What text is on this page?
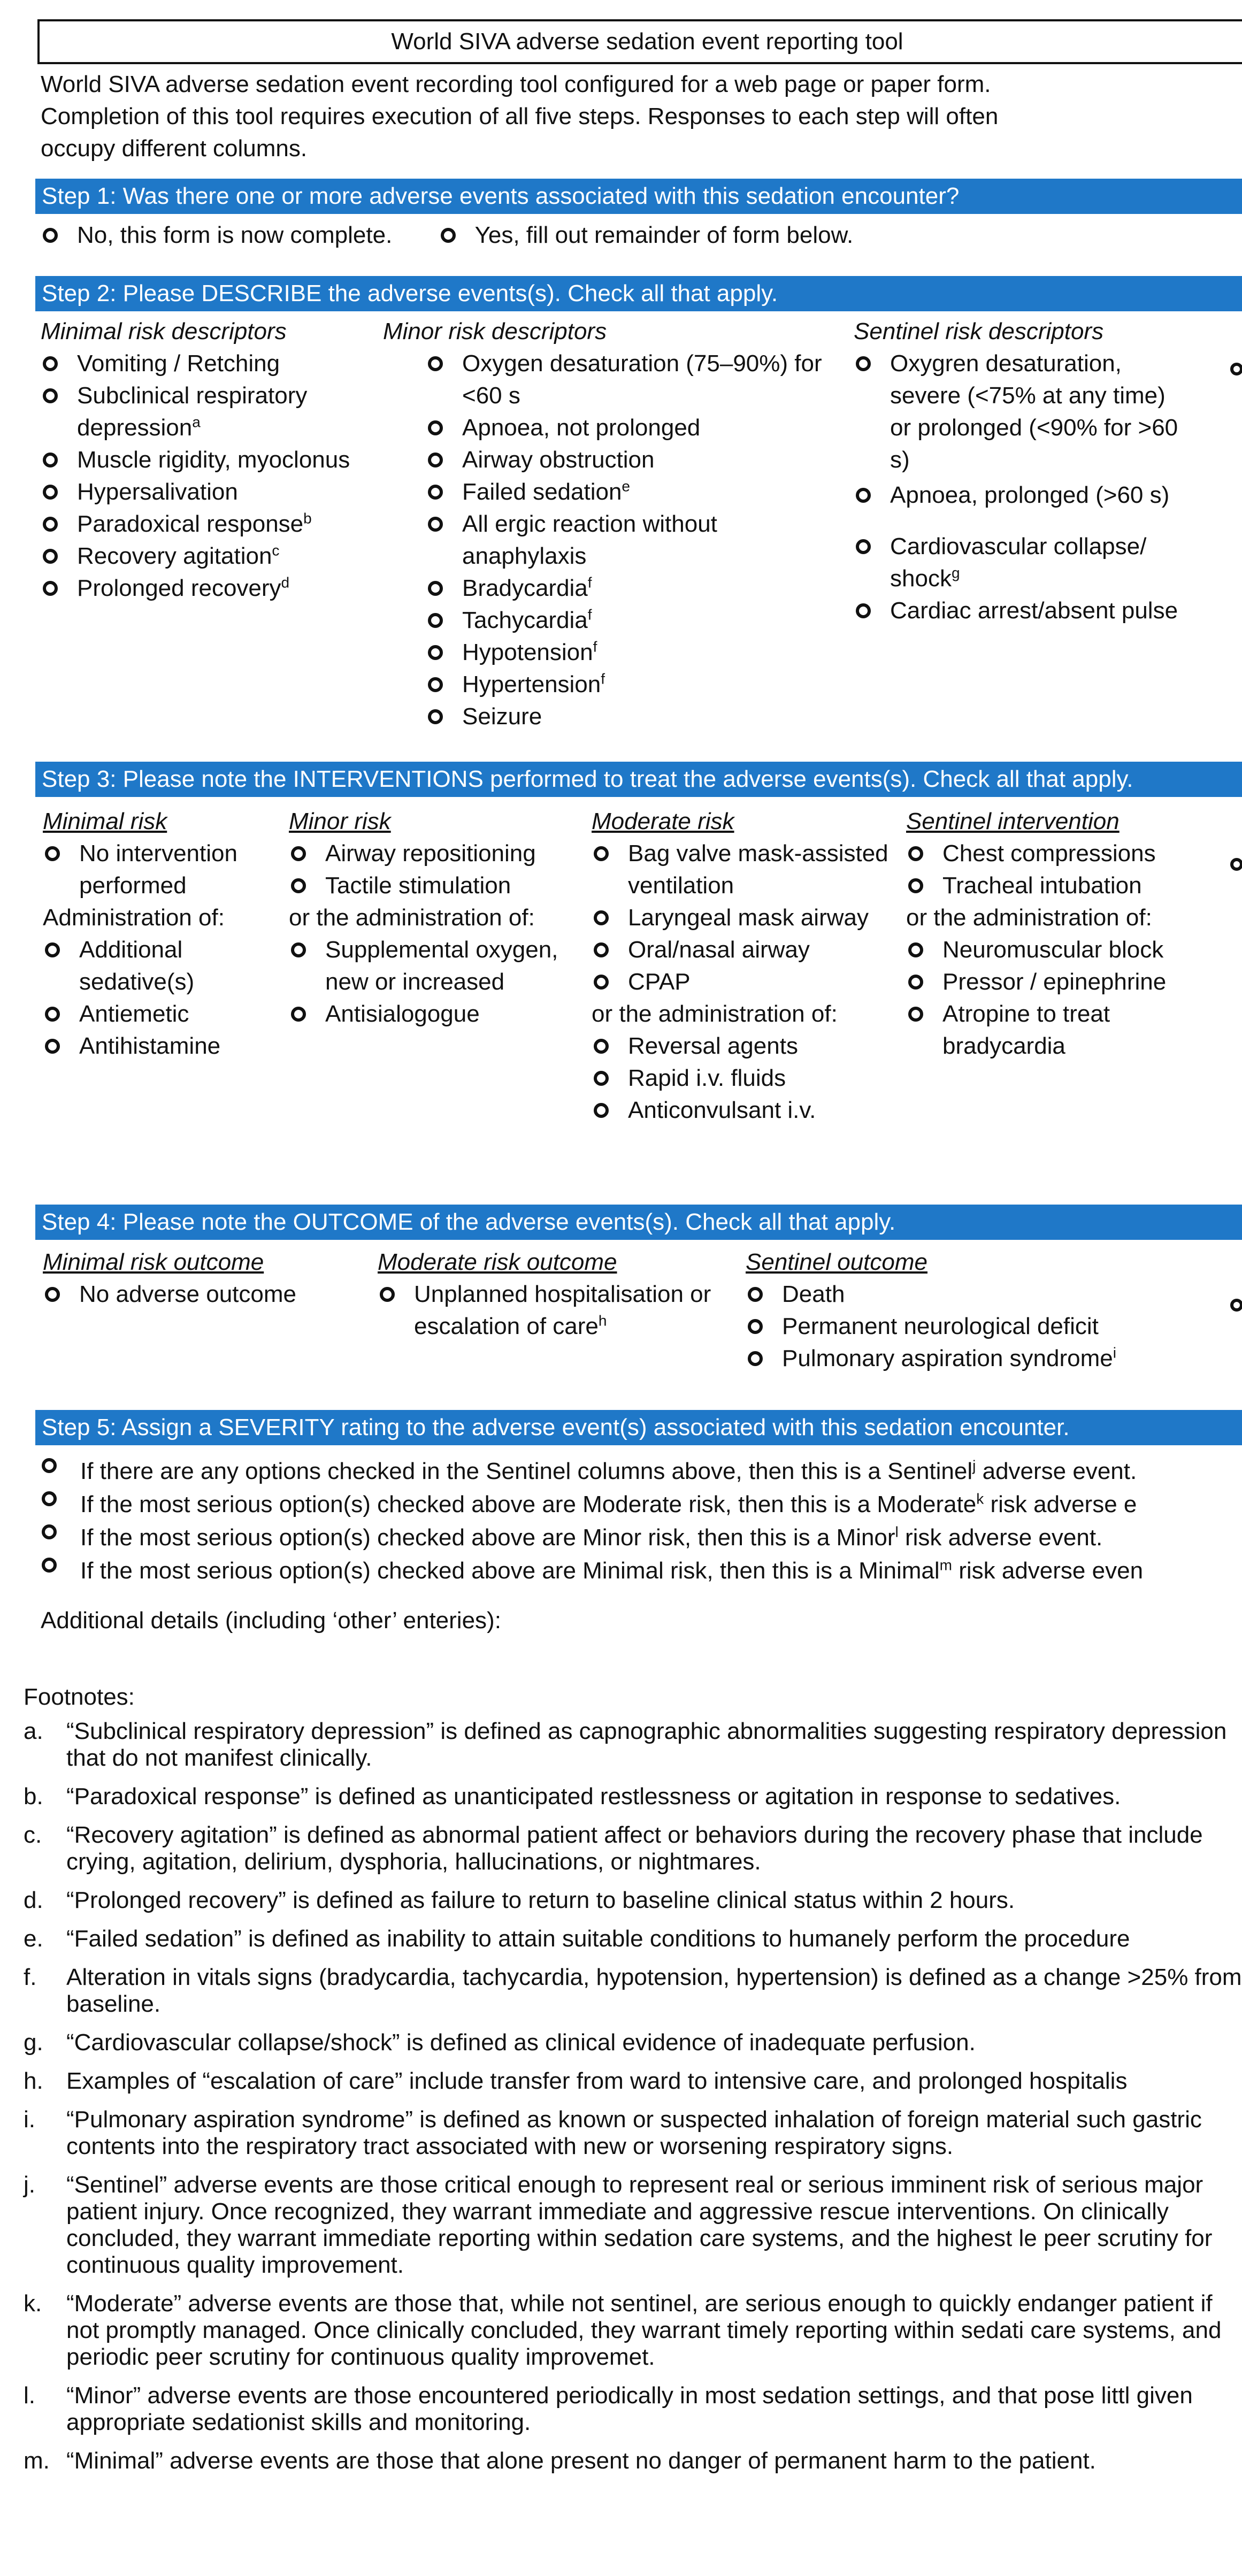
World SIVA adverse sedation event reporting tool
World SIVA adverse sedation event recording tool configured for a web page or paper form.
Completion of this tool requires execution of all five steps. Responses to each step will often
occupy different columns.
Step 1: Was there one or more adverse events associated with this sedation encounter?
No, this form is now complete.	Yes, fill out remainder of form below.
Step 2: Please DESCRIBE the adverse events(s). Check all that apply.
Minimal risk descriptors
Vomiting / Retching
Subclinical respiratory depression$^a$
Muscle rigidity, myoclonus
Hypersalivation
Paradoxical response$^b$
Recovery agitation$^c$
Prolonged recovery$^d$
Minor risk descriptors
Oxygen desaturation (75–90%) for <60 s
Apnoea, not prolonged
Airway obstruction
Failed sedation$^e$
All ergic reaction without anaphylaxis
Bradycardia$^f$
Tachycardia$^f$
Hypotension$^f$
Hypertension$^f$
Seizure
Sentinel risk descriptors
Oxygren desaturation, severe (<75% at any time) or prolonged (<90% for >60 s)
Apnoea, prolonged (>60 s)
Cardiovascular collapse/ shock$^g$
Cardiac arrest/absent pulse
Step 3: Please note the INTERVENTIONS performed to treat the adverse events(s). Check all that apply.
Minimal risk
No intervention performed
Administration of:
Additional sedative(s)
Antiemetic
Antihistamine
Minor risk
Airway repositioning
Tactile stimulation
or the administration of:
Supplemental oxygen, new or increased
Antisialogogue
Moderate risk
Bag valve mask-assisted ventilation
Laryngeal mask airway
Oral/nasal airway
CPAP
or the administration of:
Reversal agents
Rapid i.v. fluids
Anticonvulsant i.v.
Sentinel intervention
Chest compressions
Tracheal intubation
or the administration of:
Neuromuscular block
Pressor / epinephrine
Atropine to treat bradycardia
Step 4: Please note the OUTCOME of the adverse events(s). Check all that apply.
Minimal risk outcome
No adverse outcome
Moderate risk outcome
Unplanned hospitalisation or escalation of care$^h$
Sentinel outcome
Death
Permanent neurological deficit
Pulmonary aspiration syndrome$^i$
Step 5: Assign a SEVERITY rating to the adverse event(s) associated with this sedation encounter.
If there are any options checked in the Sentinel columns above, then this is a Sentinel$^j$ adverse event.
If the most serious option(s) checked above are Moderate risk, then this is a Moderate$^k$ risk adverse e
If the most serious option(s) checked above are Minor risk, then this is a Minor$^l$ risk adverse event.
If the most serious option(s) checked above are Minimal risk, then this is a Minimal$^m$ risk adverse even
Additional details (including ‘other’ enteries):
Footnotes:
a. “Subclinical respiratory depression” is defined as capnographic abnormalities suggesting respiratory depression that do not manifest clinically.
b. “Paradoxical response” is defined as unanticipated restlessness or agitation in response to sedatives.
c.	“Recovery agitation” is defined as abnormal patient affect or behaviors during the recovery phase that include crying, agitation, delirium, dysphoria, hallucinations, or nightmares.
d. “Prolonged recovery” is defined as failure to return to baseline clinical status within 2 hours.
e. “Failed sedation” is defined as inability to attain suitable conditions to humanely perform the procedure
f.	Alteration in vitals signs (bradycardia, tachycardia, hypotension, hypertension) is defined as a change >25% from baseline.
g. “Cardiovascular collapse/shock” is defined as clinical evidence of inadequate perfusion.
h. Examples of “escalation of care” include transfer from ward to intensive care, and prolonged hospitalis
i.	“Pulmonary aspiration syndrome” is defined as known or suspected inhalation of foreign material such gastric contents into the respiratory tract associated with new or worsening respiratory signs.
j.	“Sentinel” adverse events are those critical enough to represent real or serious imminent risk of serious major patient injury. Once recognized, they warrant immediate and aggressive rescue interventions. On clinically concluded, they warrant immediate reporting within sedation care systems, and the highest le peer scrutiny for continuous quality improvement.
k.	“Moderate” adverse events are those that, while not sentinel, are serious enough to quickly endanger patient if not promptly managed. Once clinically concluded, they warrant timely reporting within sedati care systems, and periodic peer scrutiny for continuous quality improvemet.
l.	“Minor” adverse events are those encountered periodically in most sedation settings, and that pose littl given appropriate sedationist skills and monitoring.
m. “Minimal” adverse events are those that alone present no danger of permanent harm to the patient.
